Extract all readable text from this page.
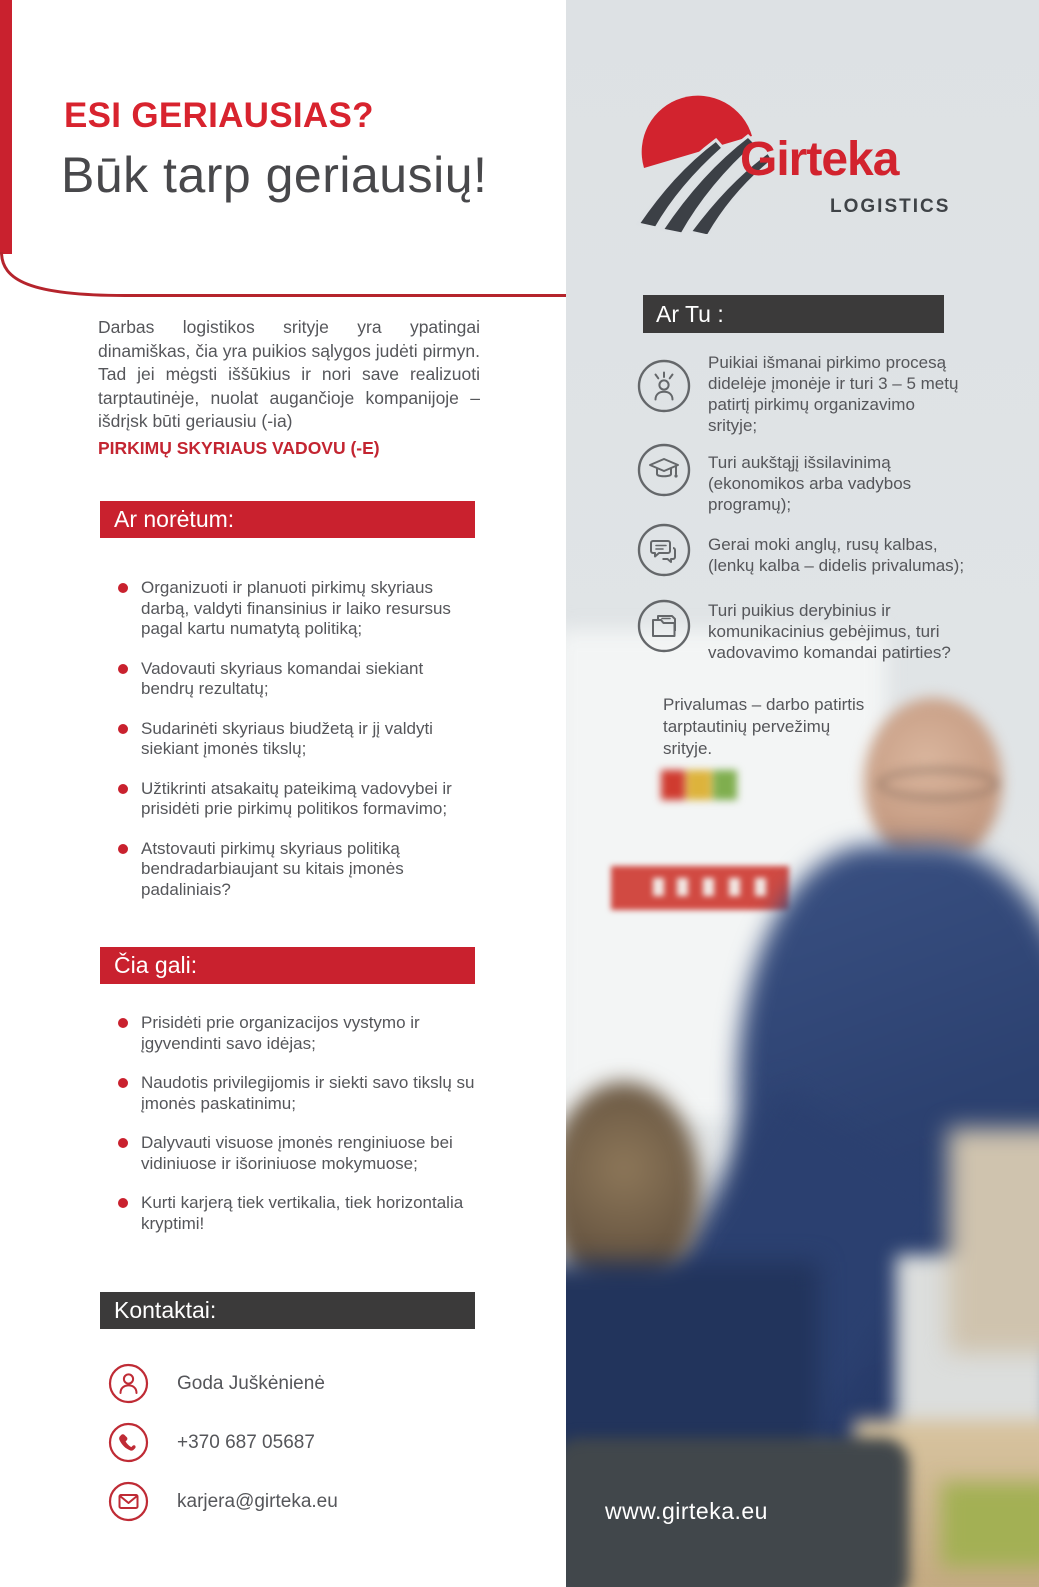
ESI GERIAUSIAS?
Būk tarp geriausių!
Darbas logistikos srityje yra ypatingai dinamiškas, čia yra puikios sąlygos judėti pirmyn. Tad jei mėgsti iššūkius ir nori save realizuoti tarptautinėje, nuolat augančioje kompanijoje – išdrįsk būti geriausiu (-ia)
PIRKIMŲ SKYRIAUS VADOVU (-E)
Ar norėtum:
Organizuoti ir planuoti pirkimų skyriaus darbą, valdyti finansinius ir laiko resursus pagal kartu numatytą politiką;
Vadovauti skyriaus komandai siekiant bendrų rezultatų;
Sudarinėti skyriaus biudžetą ir jį valdyti siekiant įmonės tikslų;
Užtikrinti atsakaitų pateikimą vadovybei ir prisidėti prie pirkimų politikos formavimo;
Atstovauti pirkimų skyriaus politiką bendradarbiaujant su kitais įmonės padaliniais?
Čia gali:
Prisidėti prie organizacijos vystymo ir įgyvendinti savo idėjas;
Naudotis privilegijomis ir siekti savo tikslų su įmonės paskatinimu;
Dalyvauti visuose įmonės renginiuose bei vidiniuose ir išoriniuose mokymuose;
Kurti karjerą tiek vertikalia, tiek horizontalia kryptimi!
Kontaktai:
Goda Juškėnienė
+370 687 05687
karjera@girteka.eu
Girteka
LOGISTICS
Ar Tu :
Puikiai išmanai pirkimo procesą didelėje įmonėje ir turi 3 – 5 metų patirtį pirkimų organizavimo srityje;
Turi aukštąjį išsilavinimą (ekonomikos arba vadybos programų);
Gerai moki anglų, rusų kalbas, (lenkų kalba – didelis privalumas);
Turi puikius derybinius ir komunikacinius gebėjimus, turi vadovavimo komandai patirties?
Privalumas – darbo patirtis tarptautinių pervežimų srityje.
www.girteka.eu
